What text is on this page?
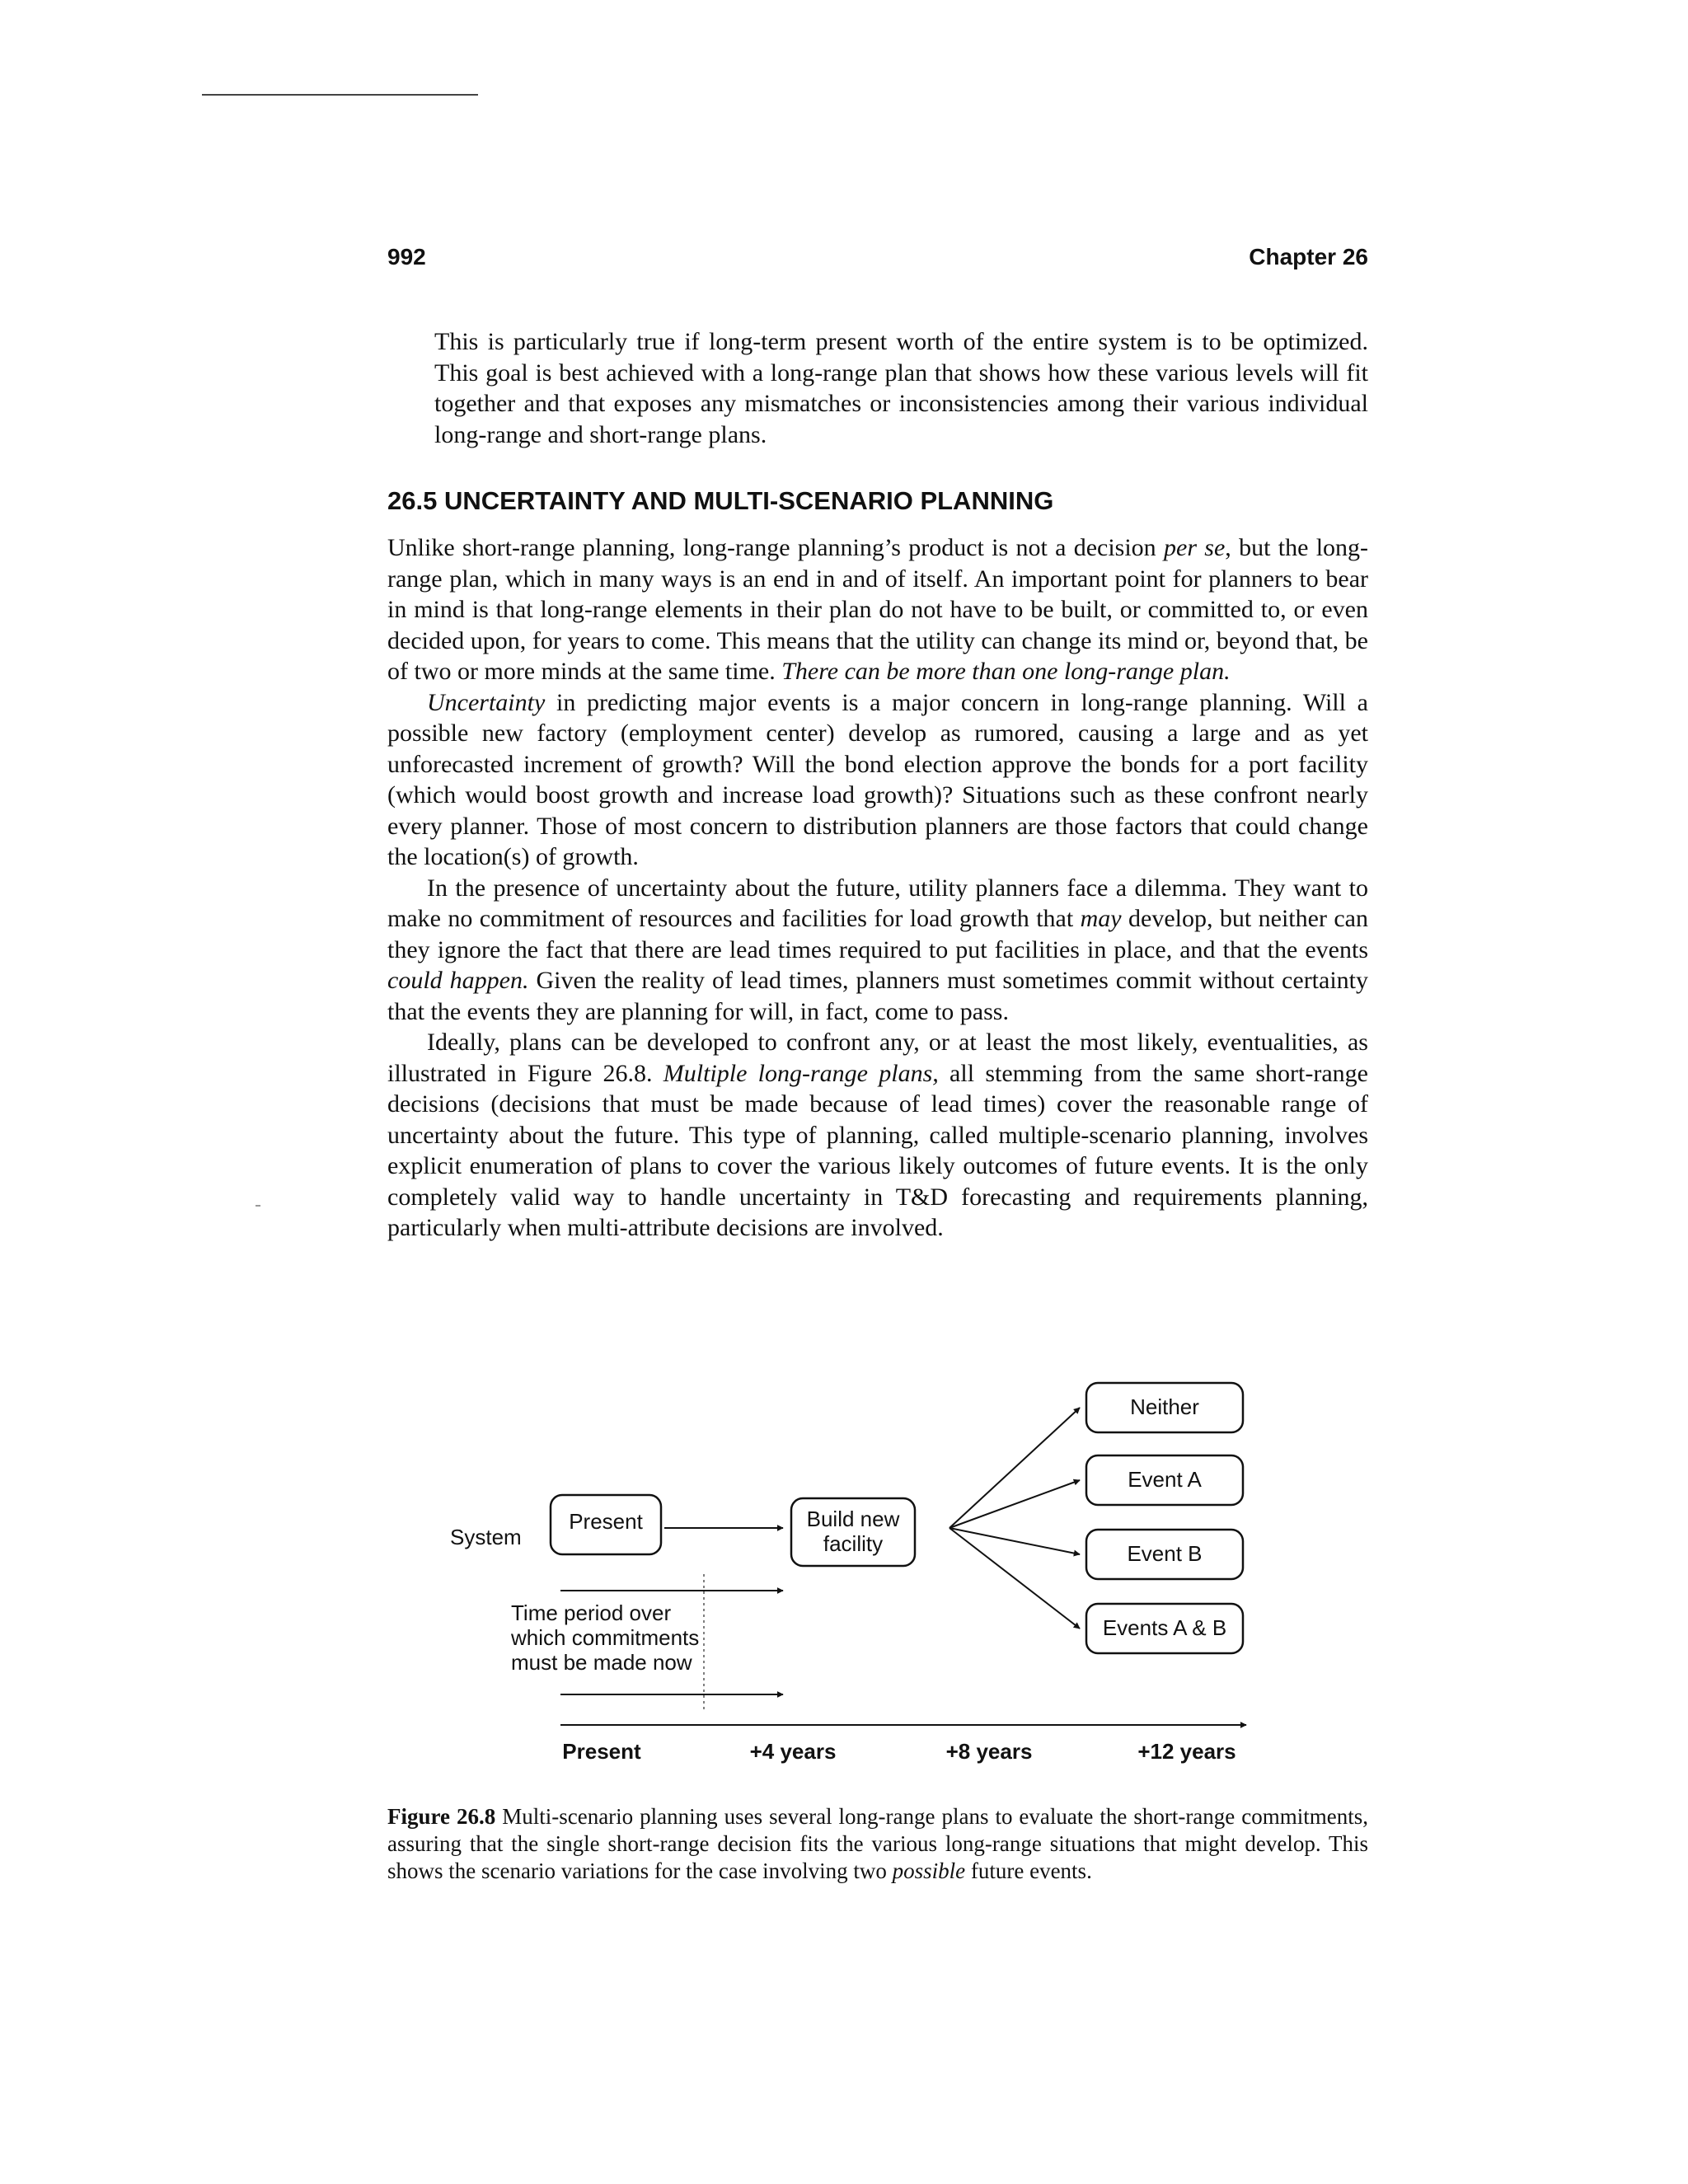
992	Chapter 26

This is particularly true if long-term present worth of the entire system is to be optimized. This goal is best achieved with a long-range plan that shows how these various levels will fit together and that exposes any mismatches or inconsistencies among their various individual long-range and short-range plans.

26.5 UNCERTAINTY AND MULTI-SCENARIO PLANNING

Unlike short-range planning, long-range planning’s product is not a decision per se, but the long-range plan, which in many ways is an end in and of itself. An important point for planners to bear in mind is that long-range elements in their plan do not have to be built, or committed to, or even decided upon, for years to come. This means that the utility can change its mind or, beyond that, be of two or more minds at the same time. There can be more than one long-range plan.

Uncertainty in predicting major events is a major concern in long-range planning. Will a possible new factory (employment center) develop as rumored, causing a large and as yet unforecasted increment of growth? Will the bond election approve the bonds for a port facility (which would boost growth and increase load growth)? Situations such as these confront nearly every planner. Those of most concern to distribution planners are those factors that could change the location(s) of growth.

In the presence of uncertainty about the future, utility planners face a dilemma. They want to make no commitment of resources and facilities for load growth that may develop, but neither can they ignore the fact that there are lead times required to put facilities in place, and that the events could happen. Given the reality of lead times, planners must sometimes commit without certainty that the events they are planning for will, in fact, come to pass.

Ideally, plans can be developed to confront any, or at least the most likely, eventualities, as illustrated in Figure 26.8. Multiple long-range plans, all stemming from the same short-range decisions (decisions that must be made because of lead times) cover the reasonable range of uncertainty about the future. This type of planning, called multiple-scenario planning, involves explicit enumeration of plans to cover the various likely outcomes of future events. It is the only completely valid way to handle uncertainty in T&D forecasting and requirements planning, particularly when multi-attribute decisions are involved.

System
Present	Build new facility
Neither
Event A
Event B
Events A & B
Time period over which commitments must be made now
Present	+4 years	+8 years	+12 years

Figure 26.8 Multi-scenario planning uses several long-range plans to evaluate the short-range commitments, assuring that the single short-range decision fits the various long-range situations that might develop. This shows the scenario variations for the case involving two possible future events.
